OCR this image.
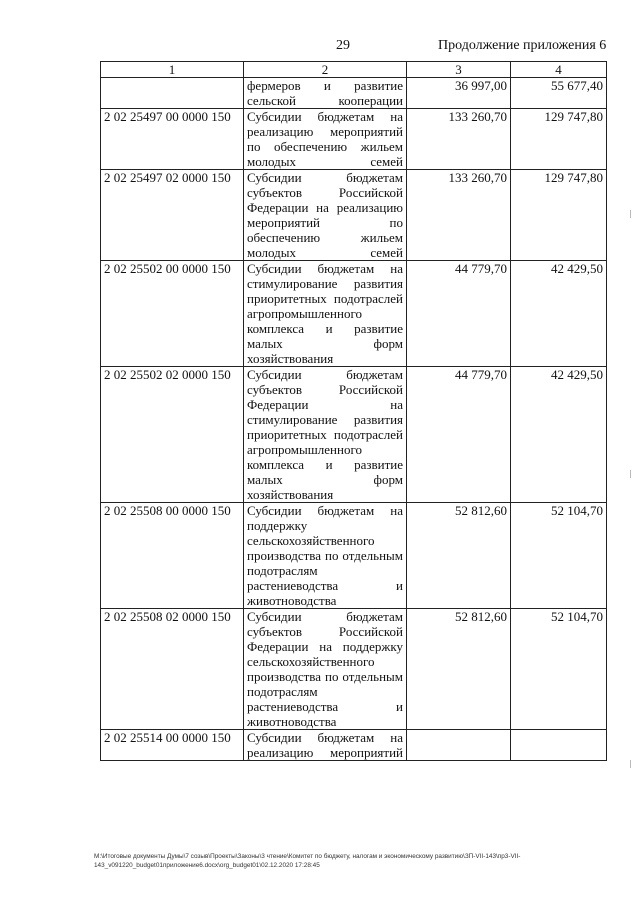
29	Продолжение приложения 6
1	2	3	4
	фермеров и развитие сельской кооперации	36 997,00	55 677,40
2 02 25497 00 0000 150	Субсидии бюджетам на реализацию мероприятий по обеспечению жильем молодых семей	133 260,70	129 747,80
2 02 25497 02 0000 150	Субсидии бюджетам субъектов Российской Федерации на реализацию мероприятий по обеспечению жильем молодых семей	133 260,70	129 747,80
2 02 25502 00 0000 150	Субсидии бюджетам на стимулирование развития приоритетных подотраслей агропромышленного комплекса и развитие малых форм хозяйствования	44 779,70	42 429,50
2 02 25502 02 0000 150	Субсидии бюджетам субъектов Российской Федерации на стимулирование развития приоритетных подотраслей агропромышленного комплекса и развитие малых форм хозяйствования	44 779,70	42 429,50
2 02 25508 00 0000 150	Субсидии бюджетам на поддержку сельскохозяйственного производства по отдельным подотраслям растениеводства и животноводства	52 812,60	52 104,70
2 02 25508 02 0000 150	Субсидии бюджетам субъектов Российской Федерации на поддержку сельскохозяйственного производства по отдельным подотраслям растениеводства и животноводства	52 812,60	52 104,70
2 02 25514 00 0000 150	Субсидии бюджетам на реализацию мероприятий		
М:\Итоговые документы Думы\7 созыв\Проекты\Законы\3 чтение\Комитет по бюджету, налогам и экономическому развитию\ЗП-VII-143\пр3-VII-143_v091220_budget01приложение6.docx\org_budget01\02.12.2020 17:28:45
